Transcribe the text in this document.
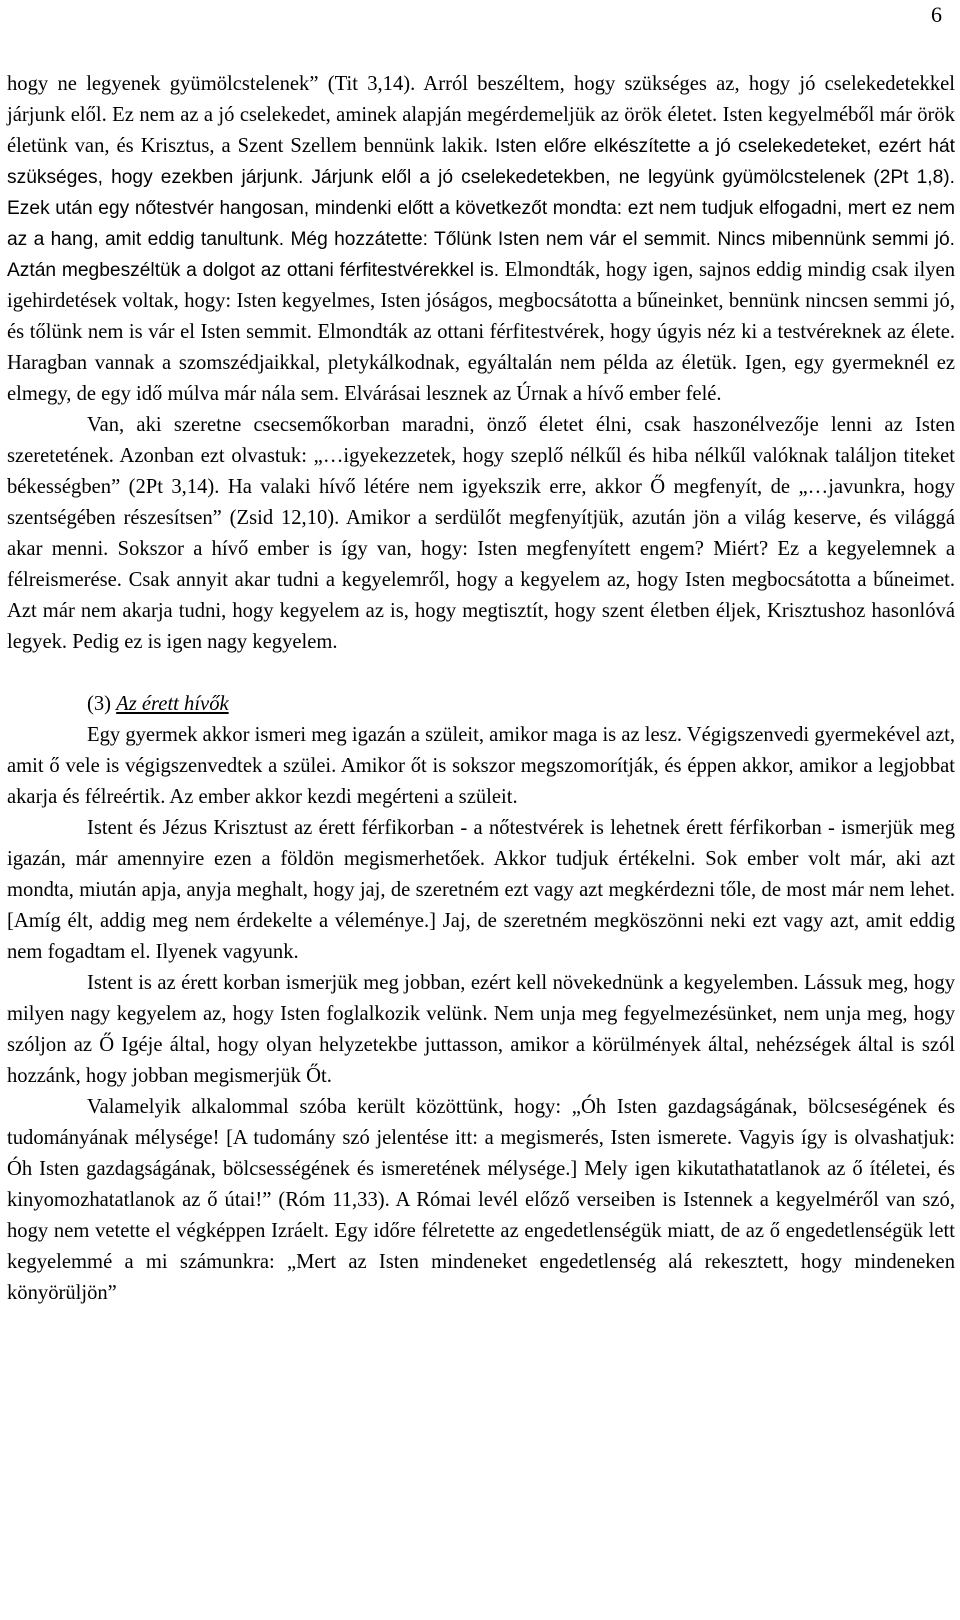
6

hogy ne legyenek gyümölcstelenek” (Tit 3,14). Arról beszéltem, hogy szükséges az, hogy jó cselekedetekkel járjunk elől. Ez nem az a jó cselekedet, aminek alapján megérdemeljük az örök életet. Isten kegyelméből már örök életünk van, és Krisztus, a Szent Szellem bennünk lakik. Isten előre elkészítette a jó cselekedeteket, ezért hát szükséges, hogy ezekben járjunk. Járjunk elől a jó cselekedetekben, ne legyünk gyümölcstelenek (2Pt 1,8). Ezek után egy nőtestvér hangosan, mindenki előtt a következőt mondta: ezt nem tudjuk elfogadni, mert ez nem az a hang, amit eddig tanultunk. Még hozzátette: Tőlünk Isten nem vár el semmit. Nincs mibennünk semmi jó. Aztán megbeszéltük a dolgot az ottani férfitestvérekkel is. Elmondták, hogy igen, sajnos eddig mindig csak ilyen igehirdetések voltak, hogy: Isten kegyelmes, Isten jóságos, megbocsátotta a bűneinket, bennünk nincsen semmi jó, és tőlünk nem is vár el Isten semmit. Elmondták az ottani férfitestvérek, hogy úgyis néz ki a testvéreknek az élete. Haragban vannak a szomszédjaikkal, pletykálkodnak, egyáltalán nem példa az életük. Igen, egy gyermeknél ez elmegy, de egy idő múlva már nála sem. Elvárásai lesznek az Úrnak a hívő ember felé.

Van, aki szeretne csecsemőkorban maradni, önző életet élni, csak haszonélvezője lenni az Isten szeretetének. Azonban ezt olvastuk: „…igyekezzetek, hogy szeplő nélkűl és hiba nélkűl valóknak találjon titeket békességben” (2Pt 3,14). Ha valaki hívő létére nem igyekszik erre, akkor Ő megfenyít, de „…javunkra, hogy szentségében részesítsen” (Zsid 12,10). Amikor a serdülőt megfenyítjük, azután jön a világ keserve, és világgá akar menni. Sokszor a hívő ember is így van, hogy: Isten megfenyített engem? Miért? Ez a kegyelemnek a félreismerése. Csak annyit akar tudni a kegyelemről, hogy a kegyelem az, hogy Isten megbocsátotta a bűneimet. Azt már nem akarja tudni, hogy kegyelem az is, hogy megtisztít, hogy szent életben éljek, Krisztushoz hasonlóvá legyek. Pedig ez is igen nagy kegyelem.

(3) Az érett hívők

Egy gyermek akkor ismeri meg igazán a szüleit, amikor maga is az lesz. Végigszenvedi gyermekével azt, amit ő vele is végigszenvedtek a szülei. Amikor őt is sokszor megszomorítják, és éppen akkor, amikor a legjobbat akarja és félreértik. Az ember akkor kezdi megérteni a szüleit.

Istent és Jézus Krisztust az érett férfikorban - a nőtestvérek is lehetnek érett férfikorban - ismerjük meg igazán, már amennyire ezen a földön megismerhetőek. Akkor tudjuk értékelni. Sok ember volt már, aki azt mondta, miután apja, anyja meghalt, hogy jaj, de szeretném ezt vagy azt megkérdezni tőle, de most már nem lehet. [Amíg élt, addig meg nem érdekelte a véleménye.] Jaj, de szeretném megköszönni neki ezt vagy azt, amit eddig nem fogadtam el. Ilyenek vagyunk.

Istent is az érett korban ismerjük meg jobban, ezért kell növekednünk a kegyelemben. Lássuk meg, hogy milyen nagy kegyelem az, hogy Isten foglalkozik velünk. Nem unja meg fegyelmezésünket, nem unja meg, hogy szóljon az Ő Igéje által, hogy olyan helyzetekbe juttasson, amikor a körülmények által, nehézségek által is szól hozzánk, hogy jobban megismerjük Őt.

Valamelyik alkalommal szóba került közöttünk, hogy: „Óh Isten gazdagságának, bölcseségének és tudományának mélysége! [A tudomány szó jelentése itt: a megismerés, Isten ismerete. Vagyis így is olvashatjuk: Óh Isten gazdagságának, bölcsességének és ismeretének mélysége.] Mely igen kikutathatatlanok az ő ítéletei, és kinyomozhatatlanok az ő útai!” (Róm 11,33). A Római levél előző verseiben is Istennek a kegyelméről van szó, hogy nem vetette el végképpen Izráelt. Egy időre félretette az engedetlenségük miatt, de az ő engedetlenségük lett kegyelemmé a mi számunkra: „Mert az Isten mindeneket engedetlenség alá rekesztett, hogy mindeneken könyörüljön”
